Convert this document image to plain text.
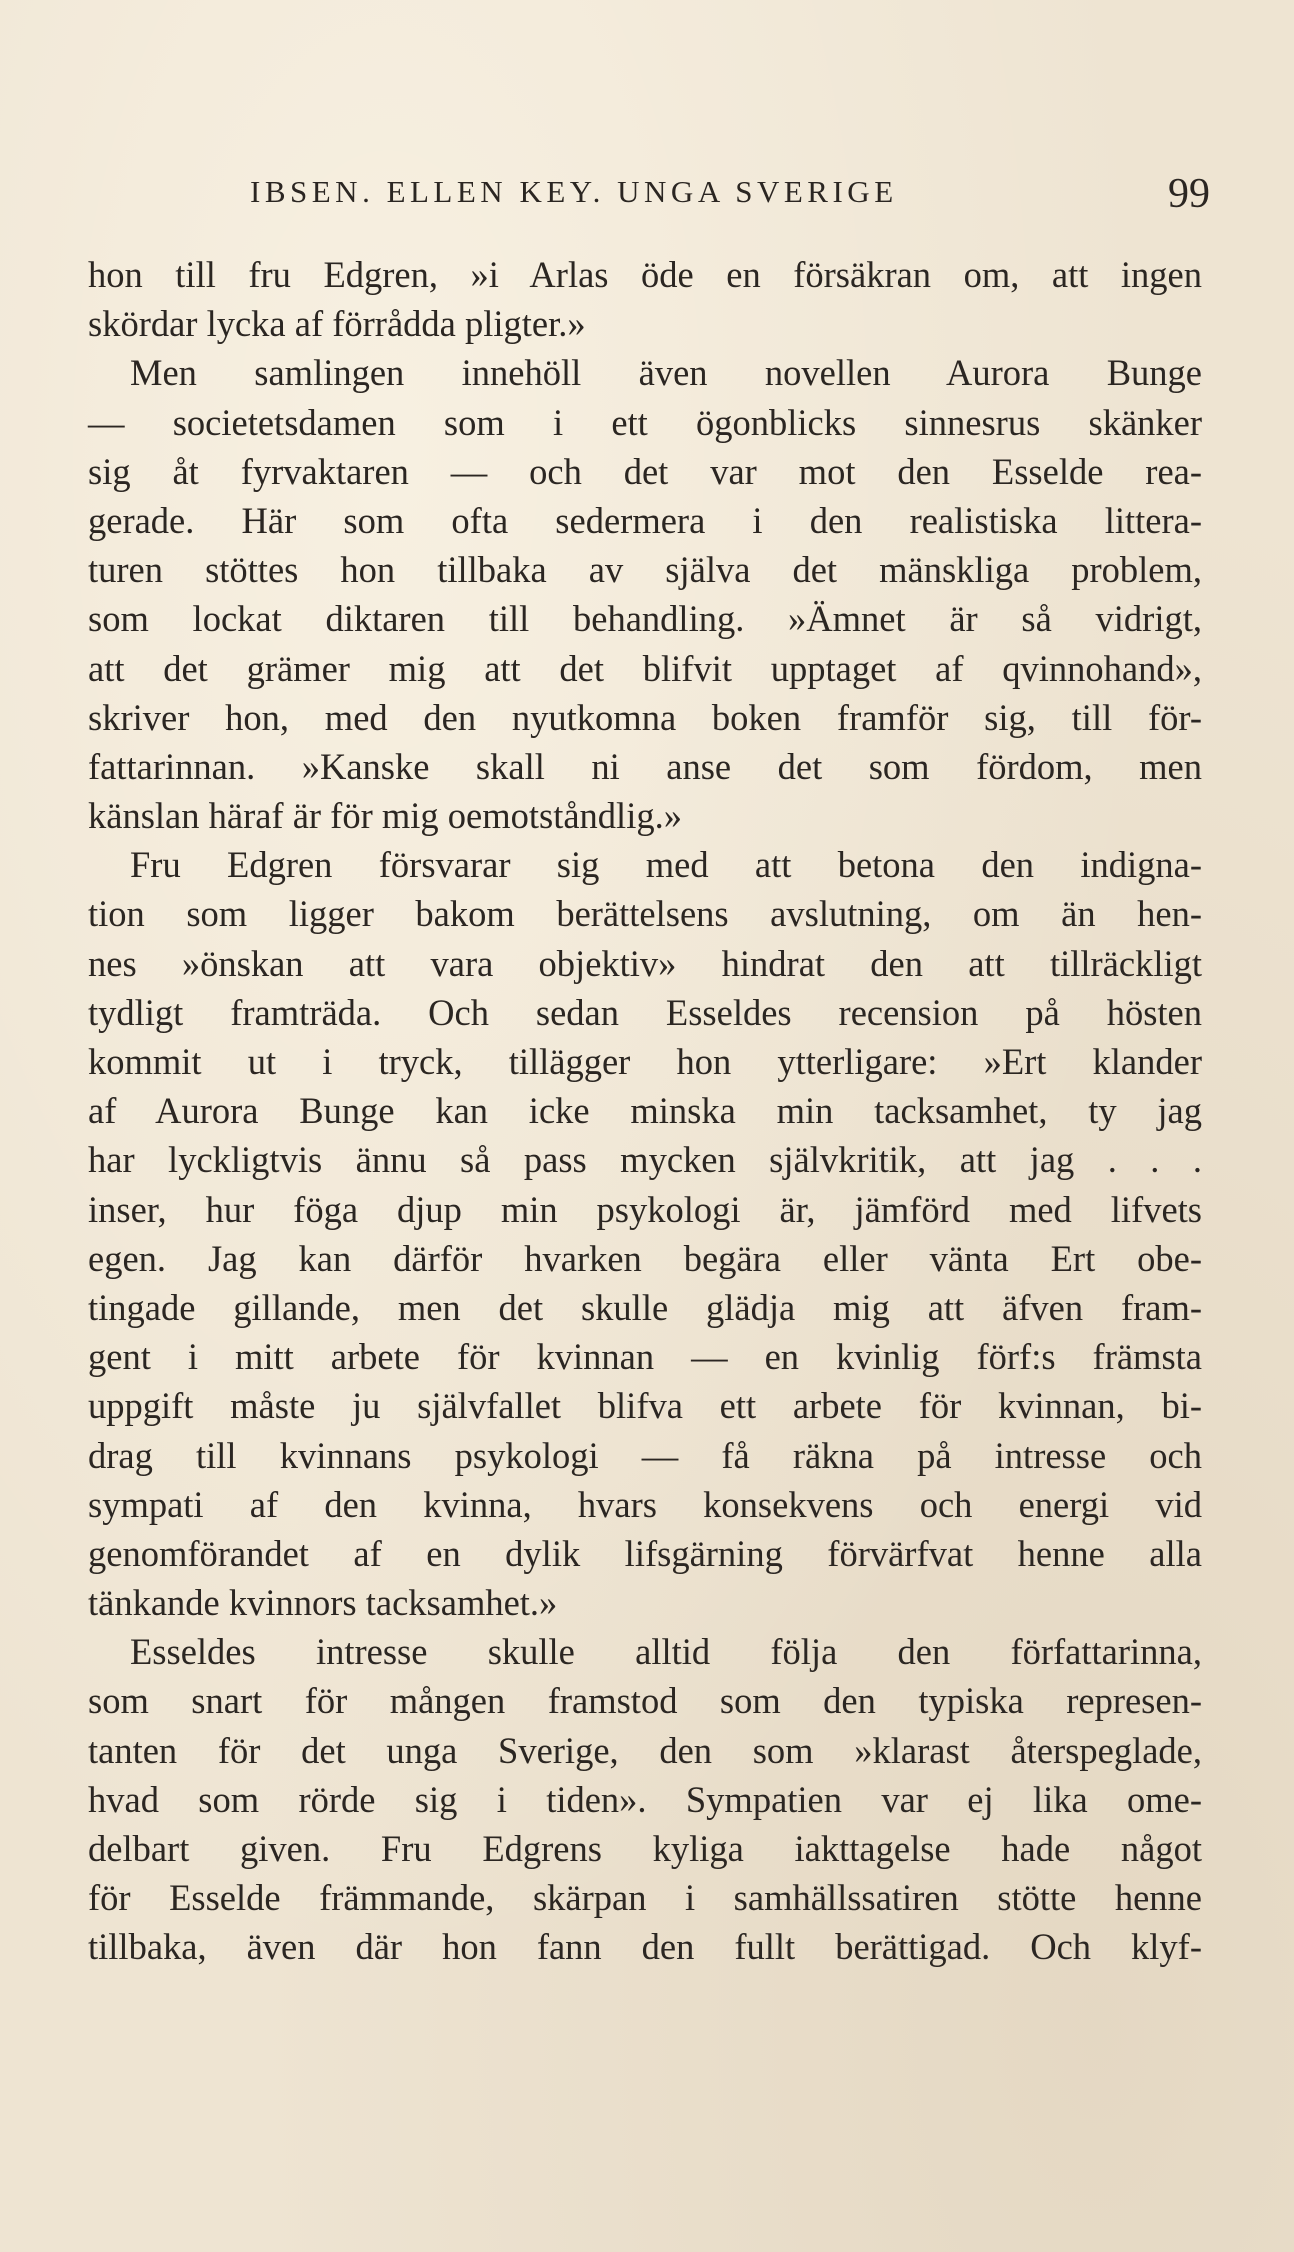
IBSEN. ELLEN KEY. UNGA SVERIGE	99
hon till fru Edgren, »i Arlas öde en försäkran om, att ingen
skördar lycka af förrådda pligter.»
Men samlingen innehöll även novellen Aurora Bunge
— societetsdamen som i ett ögonblicks sinnesrus skänker
sig åt fyrvaktaren — och det var mot den Esselde rea-
gerade. Här som ofta sedermera i den realistiska littera-
turen stöttes hon tillbaka av själva det mänskliga problem,
som lockat diktaren till behandling. »Ämnet är så vidrigt,
att det grämer mig att det blifvit upptaget af qvinnohand»,
skriver hon, med den nyutkomna boken framför sig, till för-
fattarinnan. »Kanske skall ni anse det som fördom, men
känslan häraf är för mig oemotståndlig.»
Fru Edgren försvarar sig med att betona den indigna-
tion som ligger bakom berättelsens avslutning, om än hen-
nes »önskan att vara objektiv» hindrat den att tillräckligt
tydligt framträda. Och sedan Esseldes recension på hösten
kommit ut i tryck, tillägger hon ytterligare: »Ert klander
af Aurora Bunge kan icke minska min tacksamhet, ty jag
har lyckligtvis ännu så pass mycken självkritik, att jag . . .
inser, hur föga djup min psykologi är, jämförd med lifvets
egen. Jag kan därför hvarken begära eller vänta Ert obe-
tingade gillande, men det skulle glädja mig att äfven fram-
gent i mitt arbete för kvinnan — en kvinlig förf:s främsta
uppgift måste ju självfallet blifva ett arbete för kvinnan, bi-
drag till kvinnans psykologi — få räkna på intresse och
sympati af den kvinna, hvars konsekvens och energi vid
genomförandet af en dylik lifsgärning förvärfvat henne alla
tänkande kvinnors tacksamhet.»
Esseldes intresse skulle alltid följa den författarinna,
som snart för mången framstod som den typiska represen-
tanten för det unga Sverige, den som »klarast återspeglade,
hvad som rörde sig i tiden». Sympatien var ej lika ome-
delbart given. Fru Edgrens kyliga iakttagelse hade något
för Esselde främmande, skärpan i samhällssatiren stötte henne
tillbaka, även där hon fann den fullt berättigad. Och klyf-
